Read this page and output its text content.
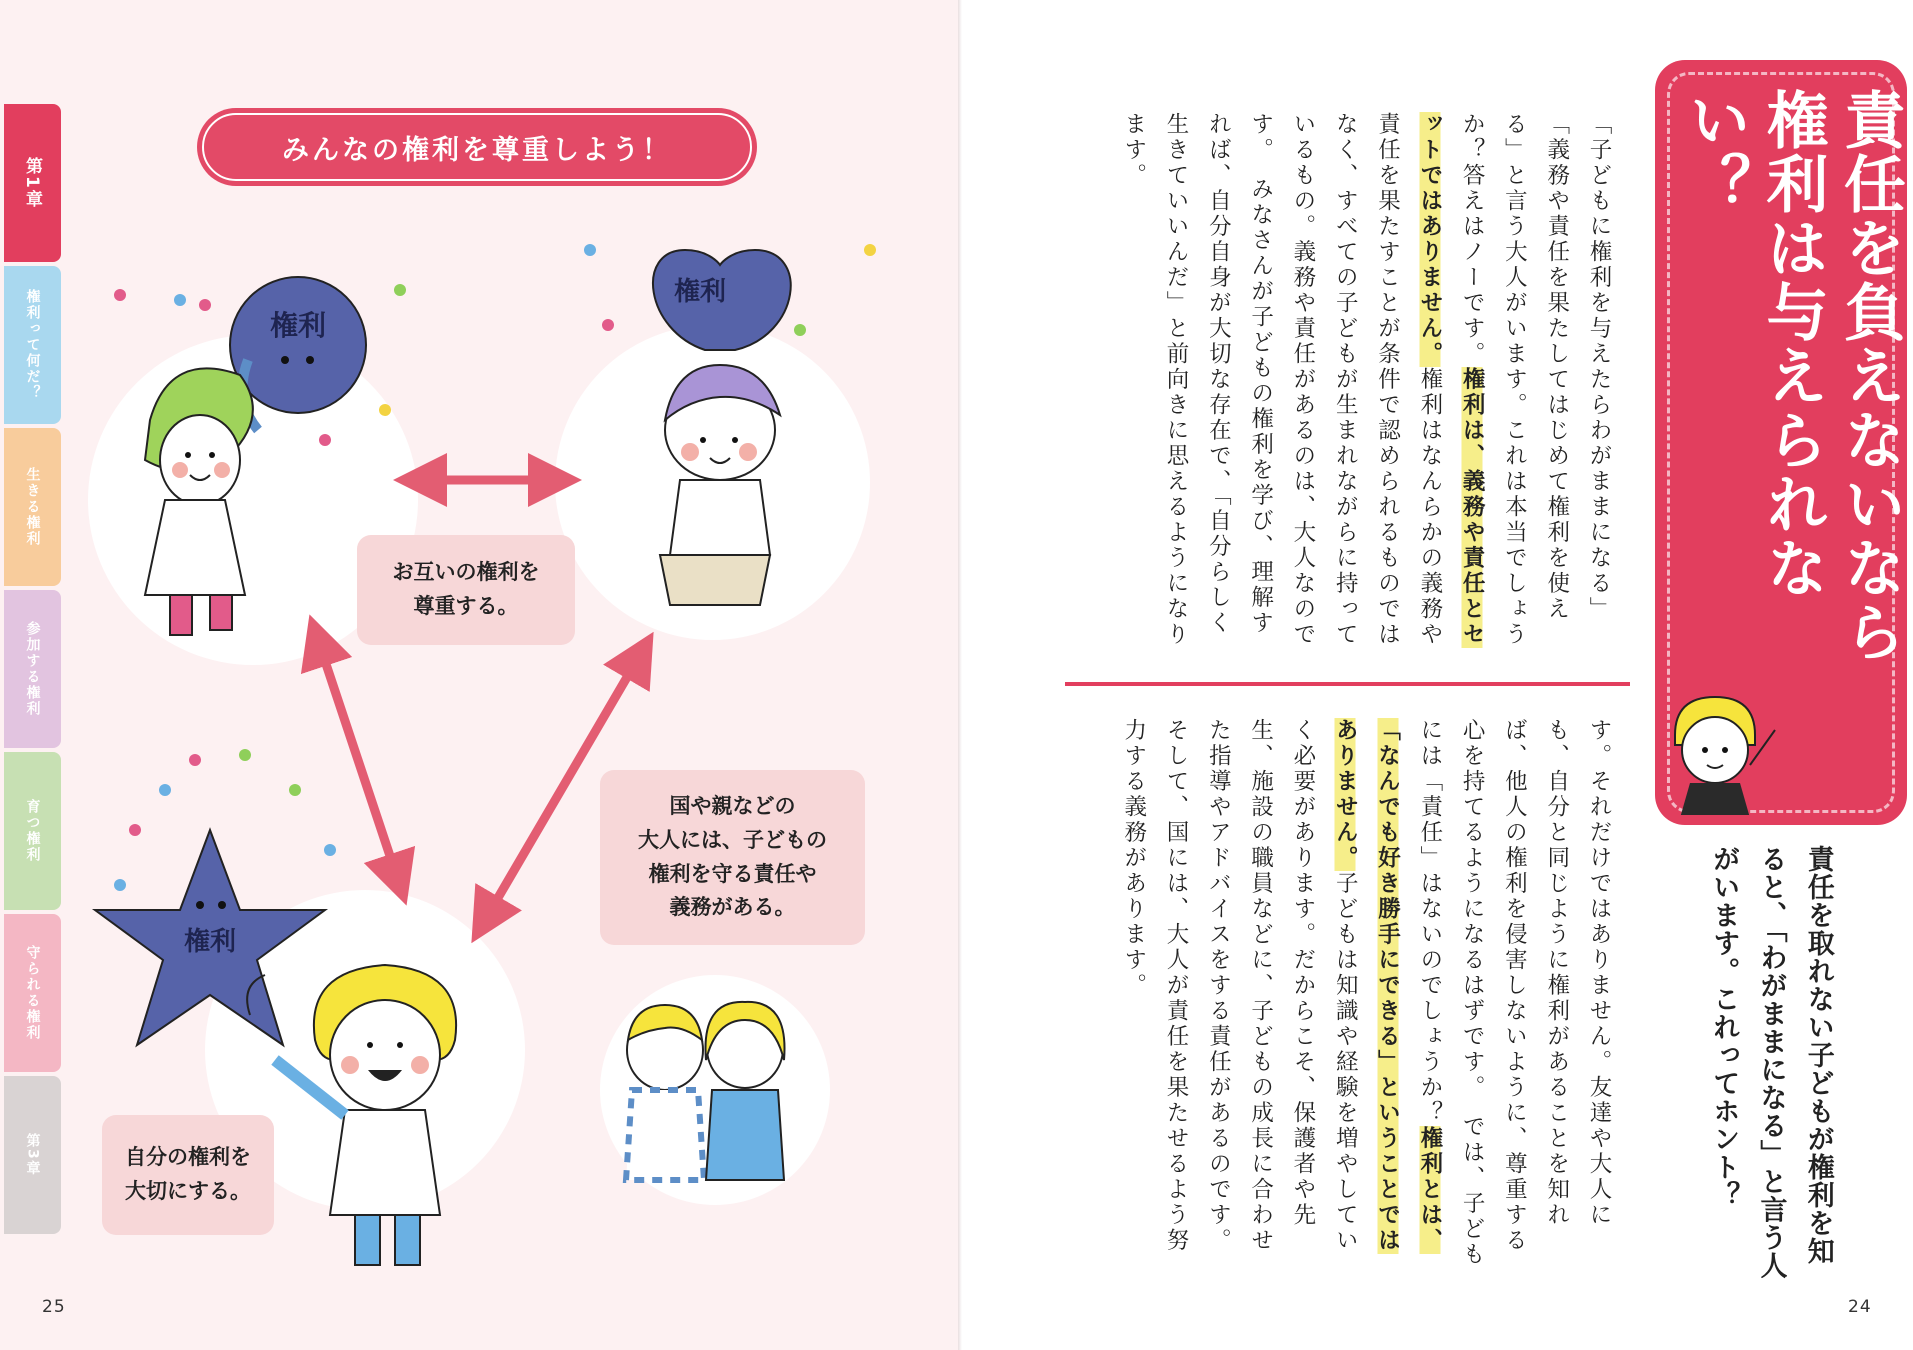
第1章
権利って何だ？
生きる権利
参加する権利
育つ権利
守られる権利
第3章
みんなの権利を尊重しよう！
権利
権利
権利
お互いの権利を
尊重する。
国や親などの
大人には、子どもの
権利を守る責任や
義務がある。
自分の権利を
大切にする。
25
責任を負えないなら権利は与えられない？
責任を取れない子どもが権利を知ると、「わがままになる」と言う人がいます。これってホント？
「子どもに権利を与えたらわがままになる」「義務や責任を果たしてはじめて権利を使える」と言う大人がいます。これは本当でしょうか？答えはノーです。権利は、義務や責任とセットではありません。権利はなんらかの義務や責任を果たすことが条件で認められるものではなく、すべての子どもが生まれながらに持っているもの。義務や責任があるのは、大人なのです。　みなさんが子どもの権利を学び、理解すれば、自分自身が大切な存在で、「自分らしく生きていいんだ」と前向きに思えるようになります。
す。それだけではありません。友達や大人にも、自分と同じように権利があることを知れば、他人の権利を侵害しないように、尊重する心を持てるようになるはずです。　では、子どもには「責任」はないのでしょうか？権利とは、「なんでも好き勝手にできる」ということではありません。子どもは知識や経験を増やしていく必要があります。だからこそ、保護者や先生、施設の職員などに、子どもの成長に合わせた指導やアドバイスをする責任があるのです。そして、国には、大人が責任を果たせるよう努力する義務があります。
24
